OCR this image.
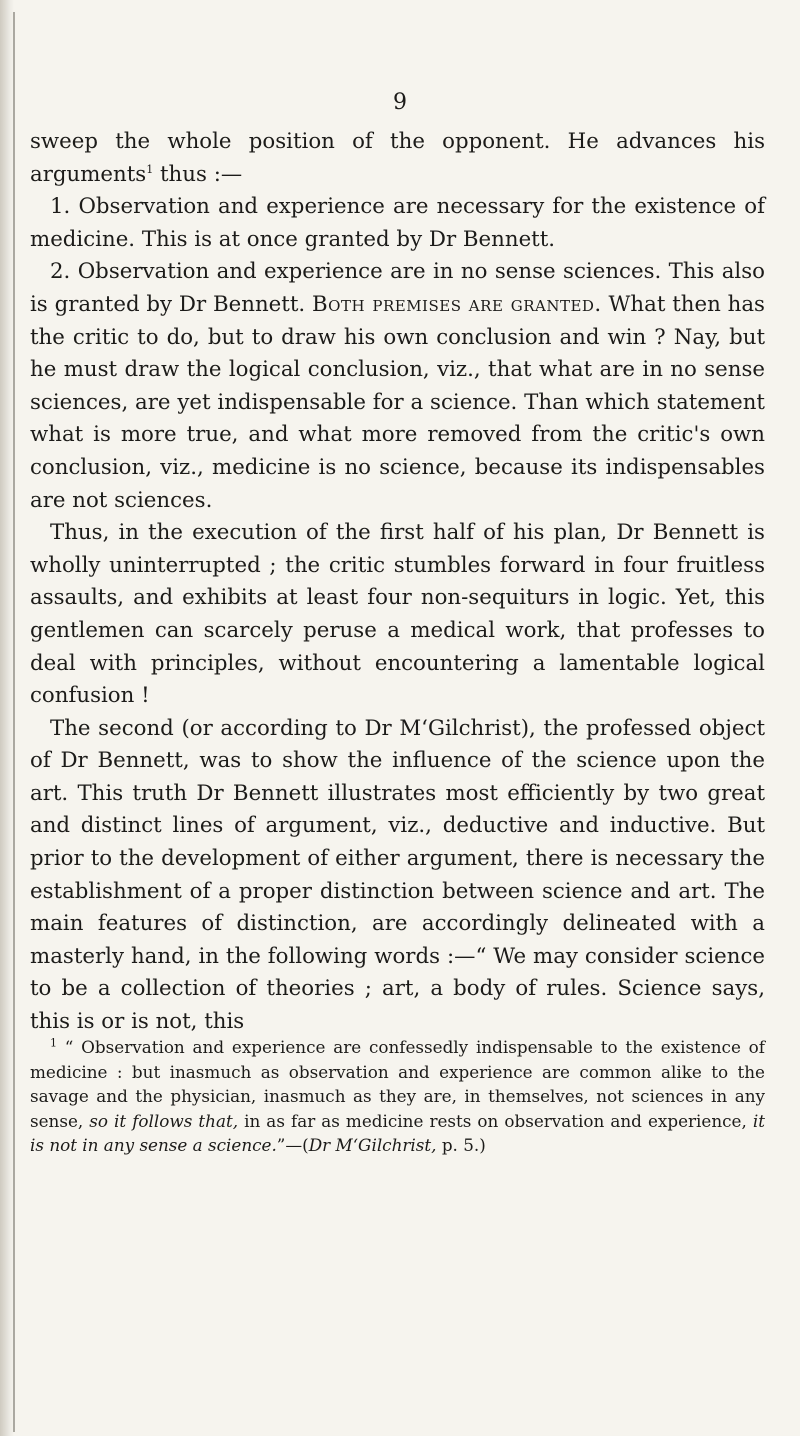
9

sweep the whole position of the opponent. He advances his arguments$^1$ thus :—

1. Observation and experience are necessary for the existence of medicine. This is at once granted by Dr Bennett.

2. Observation and experience are in no sense sciences. This also is granted by Dr Bennett. Both premises are granted. What then has the critic to do, but to draw his own conclusion and win ? Nay, but he must draw the logical conclusion, viz., that what are in no sense sciences, are yet indispensable for a science. Than which statement what is more true, and what more removed from the critic's own conclusion, viz., medicine is no science, because its indispensables are not sciences.

Thus, in the execution of the first half of his plan, Dr Bennett is wholly uninterrupted ; the critic stumbles forward in four fruitless assaults, and exhibits at least four non-sequiturs in logic. Yet, this gentlemen can scarcely peruse a medical work, that professes to deal with principles, without encountering a lamentable logical confusion !

The second (or according to Dr M‘Gilchrist), the professed object of Dr Bennett, was to show the influence of the science upon the art. This truth Dr Bennett illustrates most efficiently by two great and distinct lines of argument, viz., deductive and inductive. But prior to the development of either argument, there is necessary the establishment of a proper distinction between science and art. The main features of distinction, are accordingly delineated with a masterly hand, in the following words :—“ We may consider science to be a collection of theories ; art, a body of rules. Science says, this is or is not, this

$^1$ “ Observation and experience are confessedly indispensable to the existence of medicine : but inasmuch as observation and experience are common alike to the savage and the physician, inasmuch as they are, in themselves, not sciences in any sense, so it follows that, in as far as medicine rests on observation and experience, it is not in any sense a science.”—(Dr M‘Gilchrist, p. 5.)
